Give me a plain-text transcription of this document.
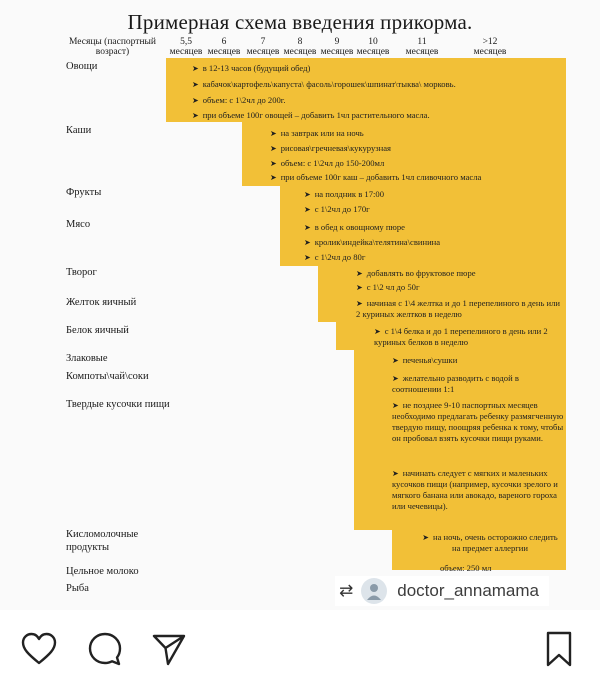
Примерная схема введения прикорма.
Месяцы (паспортный возраст)
5,5
месяцев
6
месяцев
7
месяцев
8
месяцев
9
месяцев
10
месяцев
11
месяцев
>12
месяцев
Овощи
Каши
Фрукты
Мясо
Творог
Желток яичный
Белок яичный
Злаковые
Компоты\чай\соки
Твердые кусочки пищи
Кисломолочные продукты
Цельное молоко
Рыба
➤ в 12-13 часов (будущий обед)
➤ кабачок\картофель\капуста\ фасоль\горошек\шпинат\тыква\ морковь.
➤ объем: с 1\2чл до 200г.
➤ при объеме 100г овощей – добавить 1чл растительного масла.
➤ на завтрак или на ночь
➤ рисовая\гречневая\кукурузная
➤ объем: с 1\2чл до 150-200мл
➤ при объеме 100г каш – добавить 1чл сливочного масла
➤ на полдник в 17:00
➤ с 1\2чл до 170г
➤ в обед к овощному пюре
➤ кролик\индейка\телятина\свинина
➤ с 1\2чл до 80г
➤ добавлять во фруктовое пюре
➤ с 1\2 чл до 50г
➤ начиная с 1\4 желтка и до 1 перепелиного в день или 2 куриных желтков в неделю
➤ с 1\4 белка и до 1 перепелиного в день или 2 куриных белков в неделю
➤ печенья\сушки
➤ желательно разводить с водой в соотношении 1:1
➤ не позднее 9-10 паспортных месяцев необходимо предлагать ребенку размягченную твердую пищу, поощряя ребенка к тому, чтобы он пробовал взять кусочки пищи руками.
➤ начинать следует с мягких и маленьких кусочков пищи (например, кусочки зрелого и мягкого банана или авокадо, вареного гороха или чечевицы).
➤ на ночь, очень осторожно следить на предмет аллергии
объем: 250 мл
⇄	doctor_annamama
